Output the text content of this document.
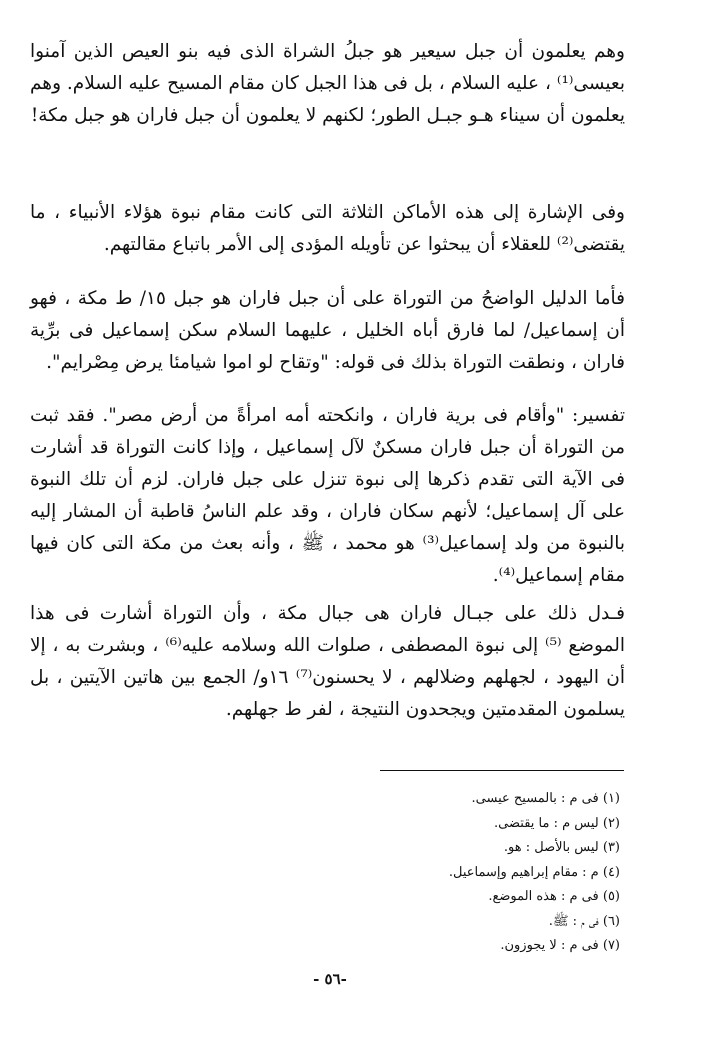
وهم يعلمون أن جبل سيعير هو جبلُ الشراة الذى فيه بنو العيص الذين آمنوا بعيسى⁽¹⁾ ، عليه السلام ، بل فى هذا الجبل كان مقام المسيح عليه السلام. وهم يعلمون أن سيناء هـو جبـل الطور؛ لكنهم لا يعلمون أن جبل فاران هو جبل مكة!

وفى الإشارة إلى هذه الأماكن الثلاثة التى كانت مقام نبوة هؤلاء الأنبياء ، ما يقتضى⁽²⁾ للعقلاء أن يبحثوا عن تأويله المؤدى إلى الأمر باتباع مقالتهم.

فأما الدليل الواضحُ من التوراة على أن جبل فاران هو جبل ١٥/ ط مكة ، فهو أن إسماعيل/ لما فارق أباه الخليل ، عليهما السلام سكن إسماعيل فى برِّية فاران ، ونطقت التوراة بذلك فى قوله: "وتقاح لو اموا شيامئا يرض مِصْرايم".

تفسير: "وأقام فى برية فاران ، وانكحته أمه امرأةً من أرض مصر". فقد ثبت من التوراة أن جبل فاران مسكنٌ لآل إسماعيل ، وإذا كانت التوراة قد أشارت فى الآية التى تقدم ذكرها إلى نبوة تنزل على جبل فاران. لزم أن تلك النبوة على آل إسماعيل؛ لأنهم سكان فاران ، وقد علم الناسُ قاطبة أن المشار إليه بالنبوة من ولد إسماعيل⁽³⁾ هو محمد ، ﷺ ، وأنه بعث من مكة التى كان فيها مقام إسماعيل⁽⁴⁾.

فـدل ذلك على جبـال فاران هى جبال مكة ، وأن التوراة أشارت فى هذا الموضع ⁽⁵⁾ إلى نبوة المصطفى ، صلوات الله وسلامه عليه⁽⁶⁾ ، وبشرت به ، إلا أن اليهود ، لجهلهم وضلالهم ، لا يحسنون⁽⁷⁾ ١٦و/ الجمع بين هاتين الآيتين ، بل يسلمون المقدمتين ويجحدون النتيجة ، لفر ط جهلهم.

(١) فى م : بالمسيح عيسى.
(٢) ليس م : ما يقتضى.
(٣) ليس بالأصل : هو.
(٤) م : مقام إبراهيم وإسماعيل.
(٥) فى م : هذه الموضع.
(٦) فى م : ﷺ.
(٧) فى م : لا يجوزون.
-٥٦ -
